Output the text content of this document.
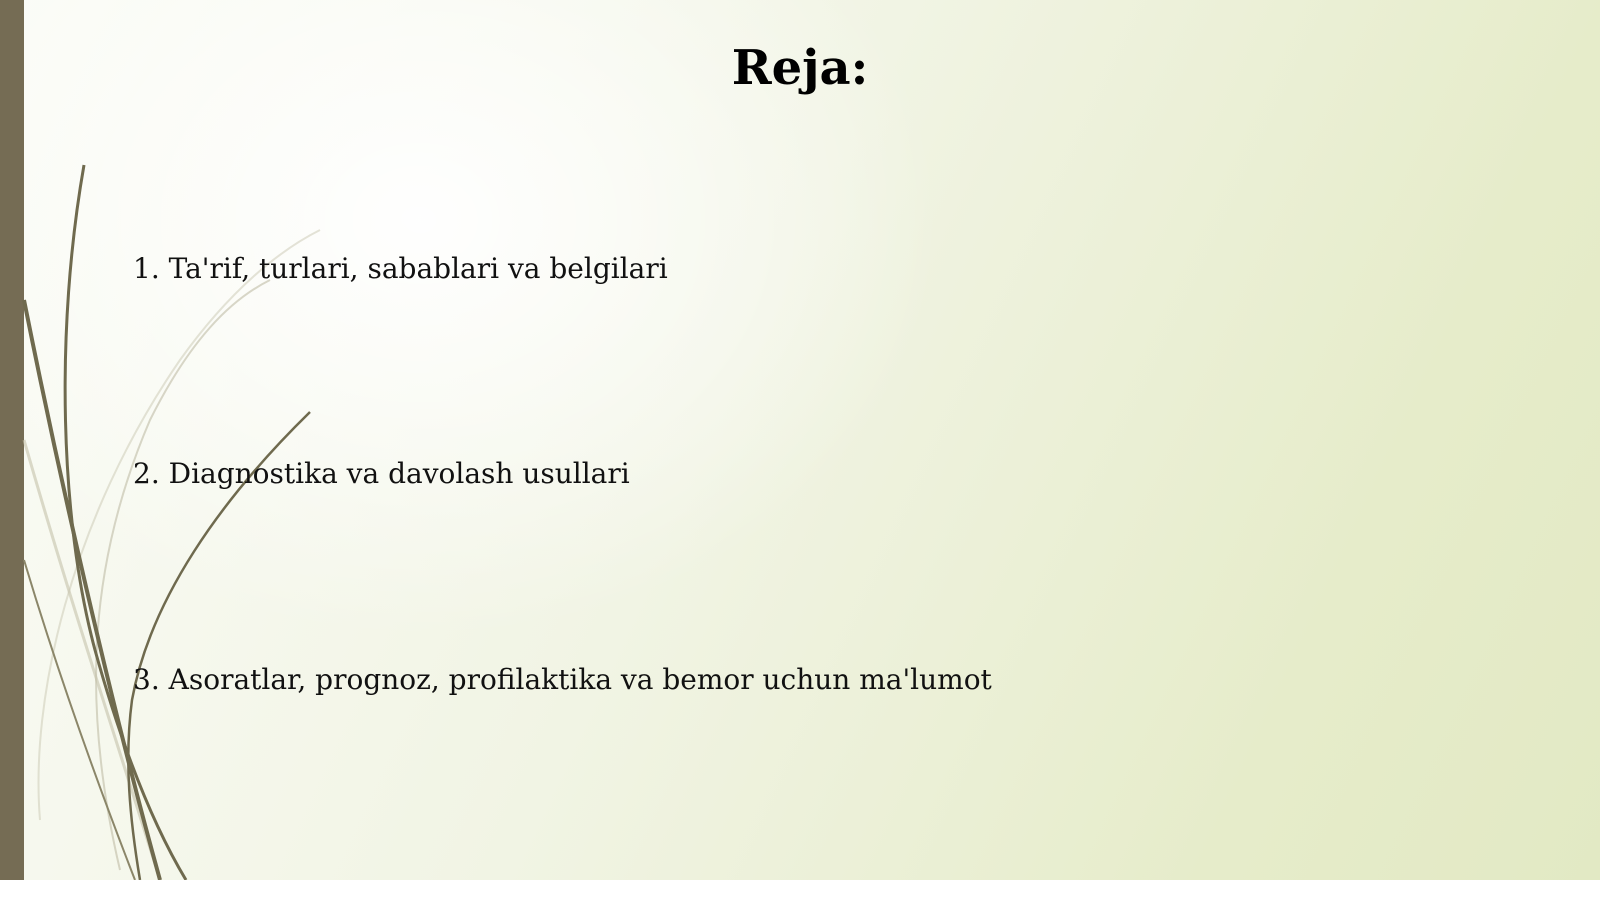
Reja:
1. Ta'rif, turlari, sabablari va belgilari
2. Diagnostika va davolash usullari
3. Asoratlar, prognoz, profilaktika va bemor uchun ma'lumot
